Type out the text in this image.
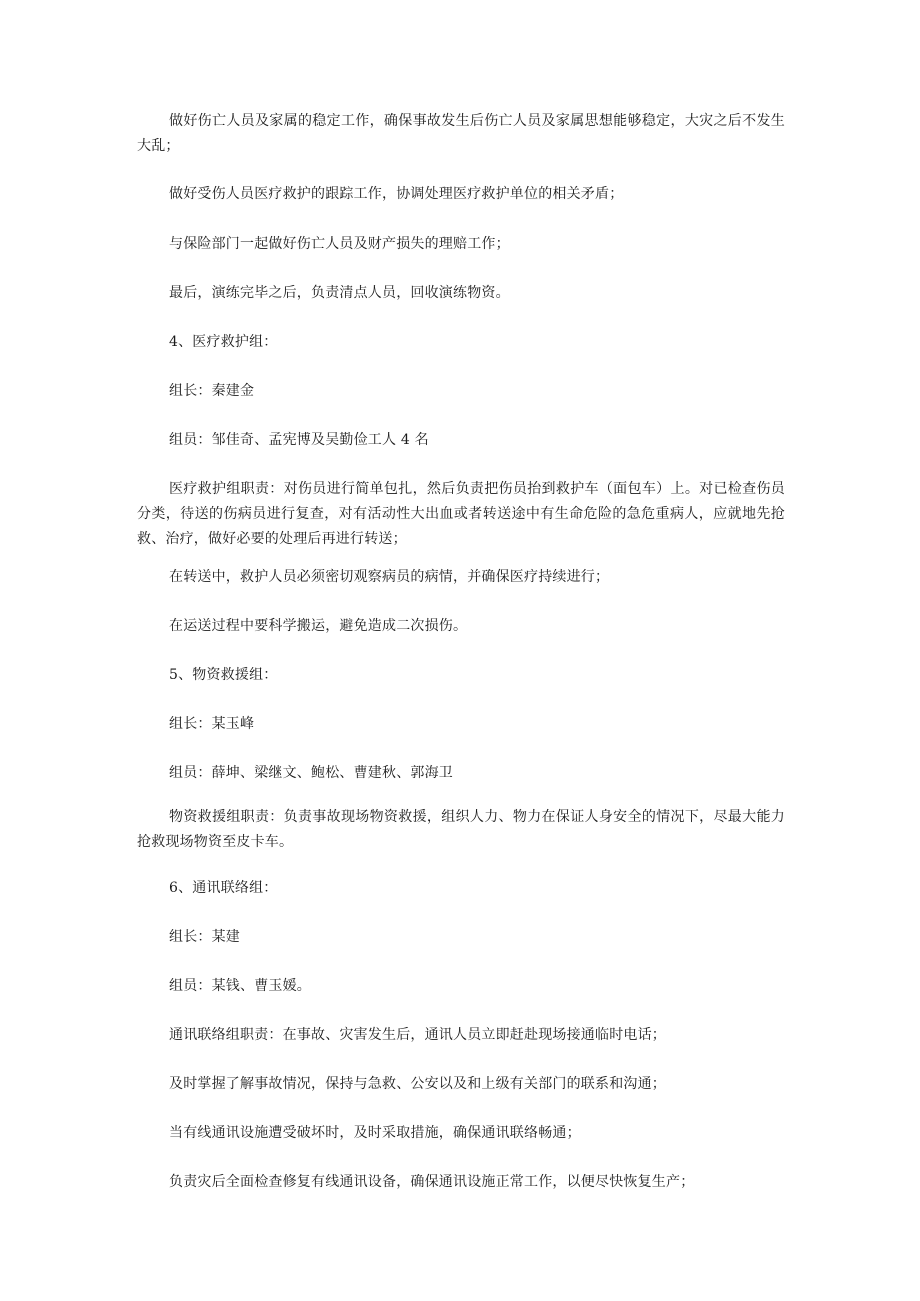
做好伤亡人员及家属的稳定工作，确保事故发生后伤亡人员及家属思想能够稳定，大灾之后不发生大乱；

做好受伤人员医疗救护的跟踪工作，协调处理医疗救护单位的相关矛盾；

与保险部门一起做好伤亡人员及财产损失的理赔工作；

最后，演练完毕之后，负责清点人员，回收演练物资。

4、医疗救护组：

组长：秦建金

组员：邹佳奇、孟宪博及吴勤俭工人 4 名

医疗救护组职责：对伤员进行简单包扎，然后负责把伤员抬到救护车（面包车）上。对已检查伤员分类，待送的伤病员进行复查，对有活动性大出血或者转送途中有生命危险的急危重病人，应就地先抢救、治疗，做好必要的处理后再进行转送；

在转送中，救护人员必须密切观察病员的病情，并确保医疗持续进行；

在运送过程中要科学搬运，避免造成二次损伤。

5、物资救援组：

组长：某玉峰

组员：薛坤、梁继文、鲍松、曹建秋、郭海卫

物资救援组职责：负责事故现场物资救援，组织人力、物力在保证人身安全的情况下，尽最大能力抢救现场物资至皮卡车。

6、通讯联络组：

组长：某建

组员：某钱、曹玉媛。

通讯联络组职责：在事故、灾害发生后，通讯人员立即赶赴现场接通临时电话；

及时掌握了解事故情况，保持与急救、公安以及和上级有关部门的联系和沟通；

当有线通讯设施遭受破坏时，及时采取措施，确保通讯联络畅通；

负责灾后全面检查修复有线通讯设备，确保通讯设施正常工作，以便尽快恢复生产；
